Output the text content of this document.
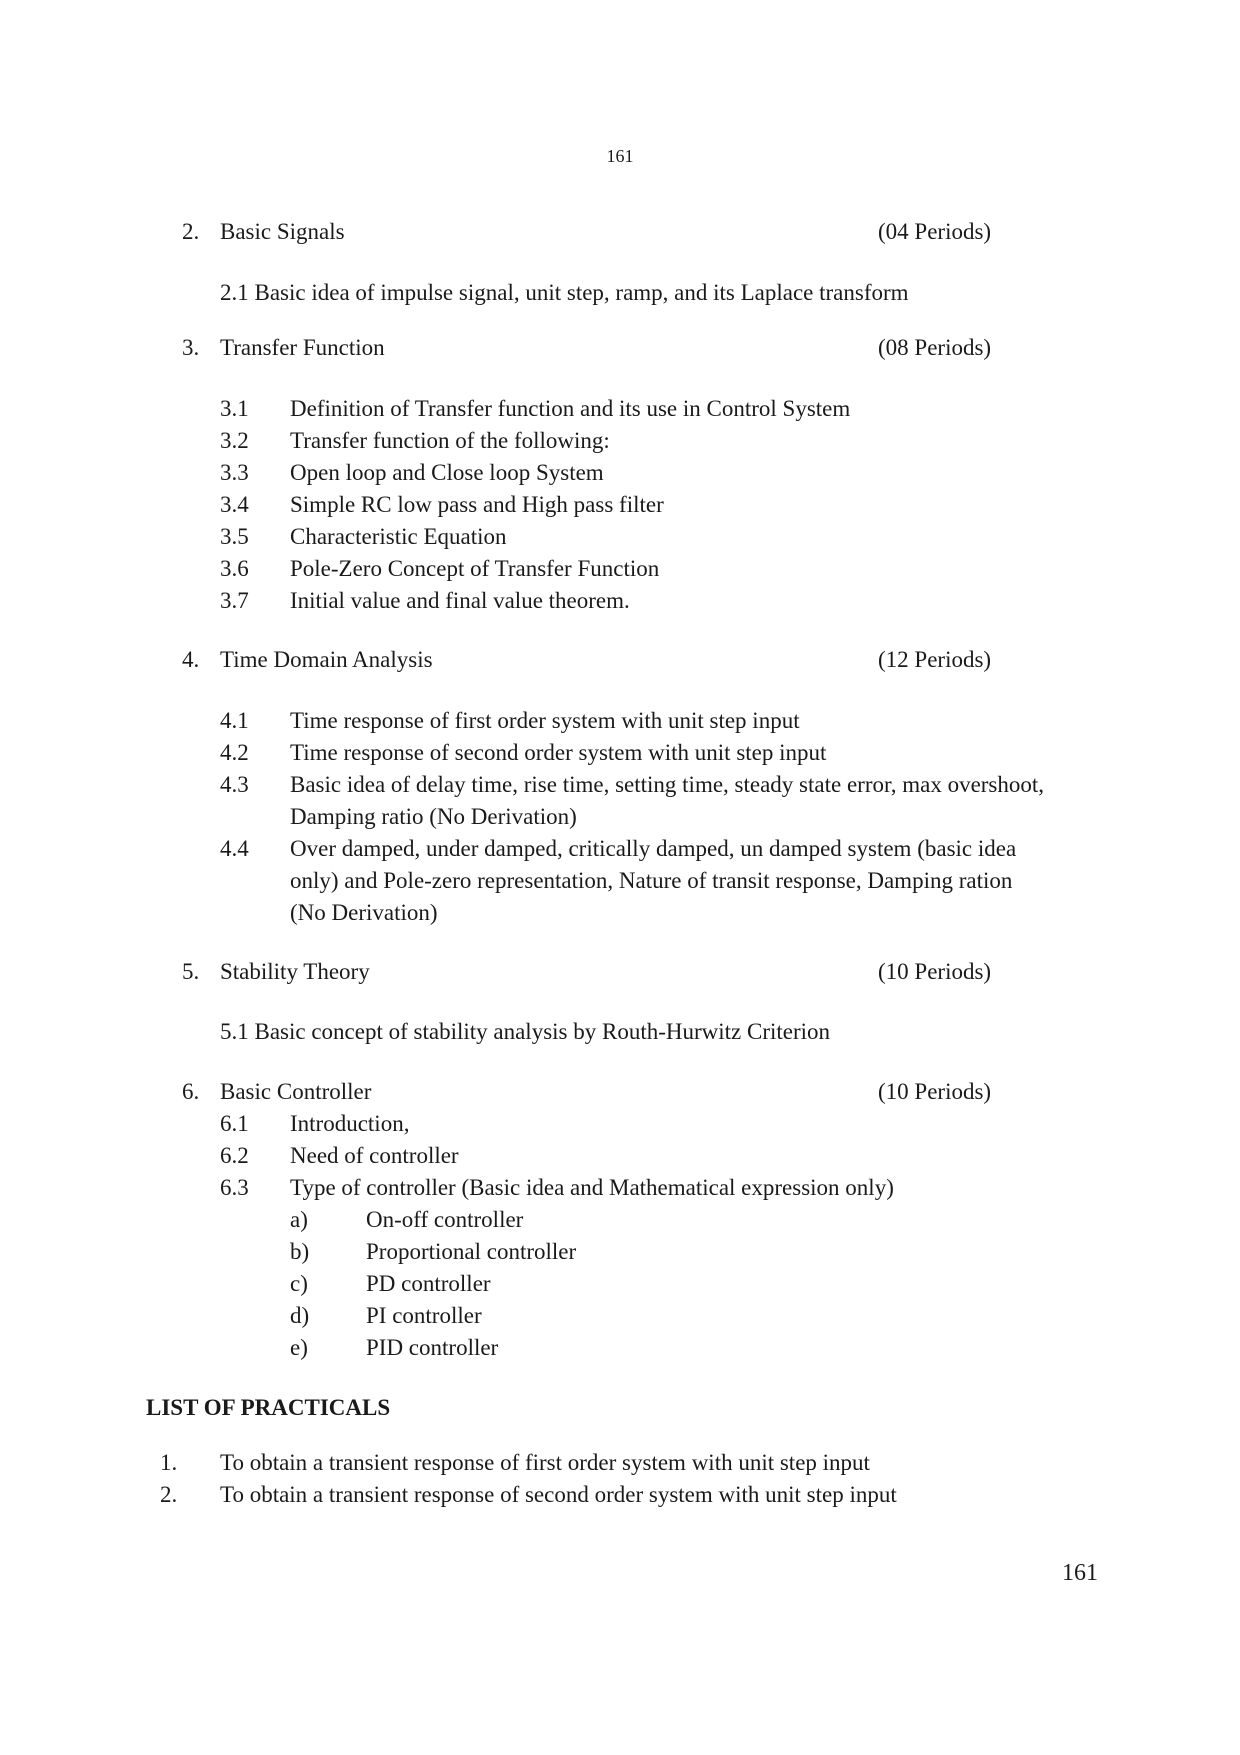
161
2. Basic Signals	(04 Periods)
2.1 Basic idea of impulse signal, unit step, ramp, and its Laplace transform
3. Transfer Function	(08 Periods)
3.1 Definition of Transfer function and its use in Control System
3.2 Transfer function of the following:
3.3 Open loop and Close loop System
3.4 Simple RC low pass and High pass filter
3.5 Characteristic Equation
3.6 Pole-Zero Concept of Transfer Function
3.7 Initial value and final value theorem.
4. Time Domain Analysis	(12 Periods)
4.1 Time response of first order system with unit step input
4.2 Time response of second order system with unit step input
4.3 Basic idea of delay time, rise time, setting time, steady state error, max overshoot,
Damping ratio (No Derivation)
4.4 Over damped, under damped, critically damped, un damped system (basic idea
only) and Pole-zero representation, Nature of transit response, Damping ration
(No Derivation)
5. Stability Theory	(10 Periods)
5.1 Basic concept of stability analysis by Routh-Hurwitz Criterion
6. Basic Controller	(10 Periods)
6.1 Introduction,
6.2 Need of controller
6.3 Type of controller (Basic idea and Mathematical expression only)
a)	On-off controller
b) Proportional controller
c)	PD controller
d) PI controller
e)	PID controller
LIST OF PRACTICALS
1. To obtain a transient response of first order system with unit step input
2. To obtain a transient response of second order system with unit step input
161
